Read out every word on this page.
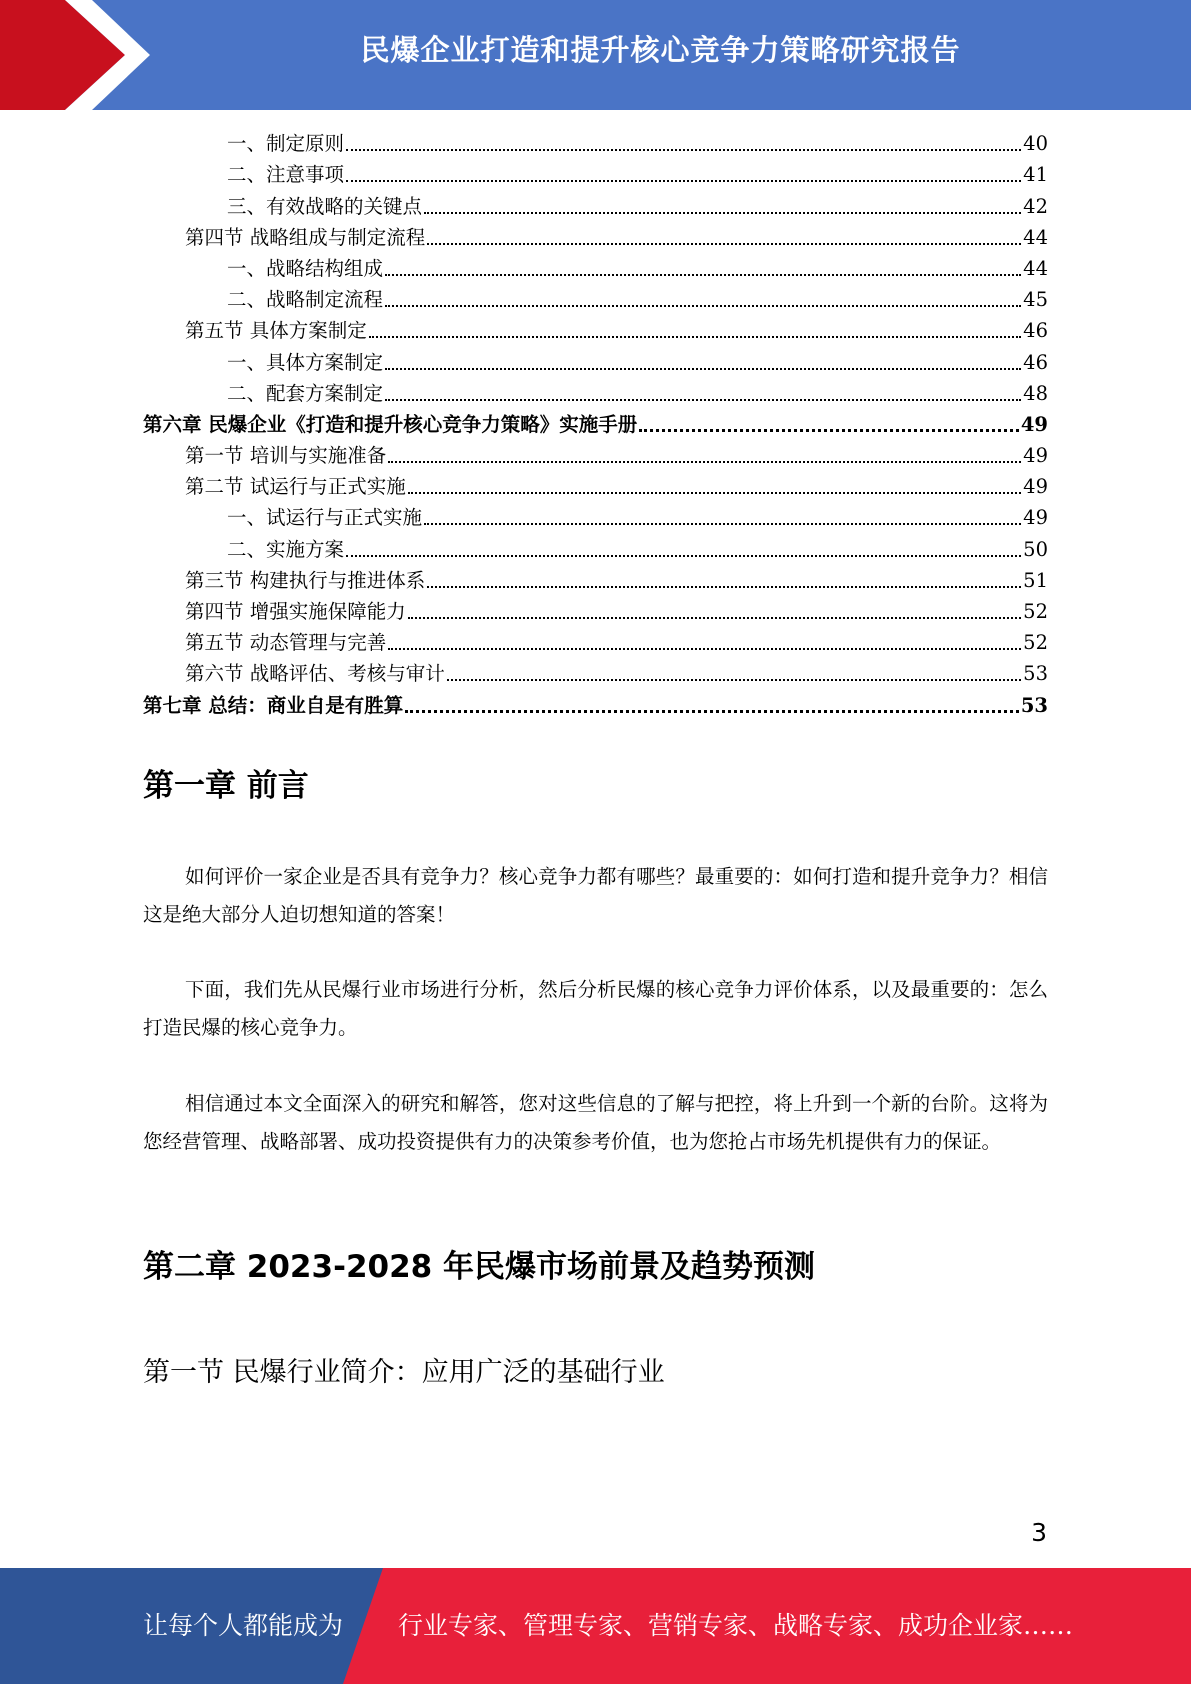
民爆企业打造和提升核心竞争力策略研究报告
一、制定原则	40
二、注意事项	41
三、有效战略的关键点	42
第四节 战略组成与制定流程	44
一、战略结构组成	44
二、战略制定流程	45
第五节 具体方案制定	46
一、具体方案制定	46
二、配套方案制定	48
第六章 民爆企业《打造和提升核心竞争力策略》实施手册	49
第一节 培训与实施准备	49
第二节 试运行与正式实施	49
一、试运行与正式实施	49
二、实施方案	50
第三节 构建执行与推进体系	51
第四节 增强实施保障能力	52
第五节 动态管理与完善	52
第六节 战略评估、考核与审计	53
第七章 总结：商业自是有胜算	53
第一章 前言
如何评价一家企业是否具有竞争力？核心竞争力都有哪些？最重要的：如何打造和提升竞争力？相信这是绝大部分人迫切想知道的答案！
下面，我们先从民爆行业市场进行分析，然后分析民爆的核心竞争力评价体系，以及最重要的：怎么打造民爆的核心竞争力。
相信通过本文全面深入的研究和解答，您对这些信息的了解与把控，将上升到一个新的台阶。这将为您经营管理、战略部署、成功投资提供有力的决策参考价值，也为您抢占市场先机提供有力的保证。
第二章 2023-2028 年民爆市场前景及趋势预测
第一节 民爆行业简介：应用广泛的基础行业
3
让每个人都能成为 行业专家、管理专家、营销专家、战略专家、成功企业家……
